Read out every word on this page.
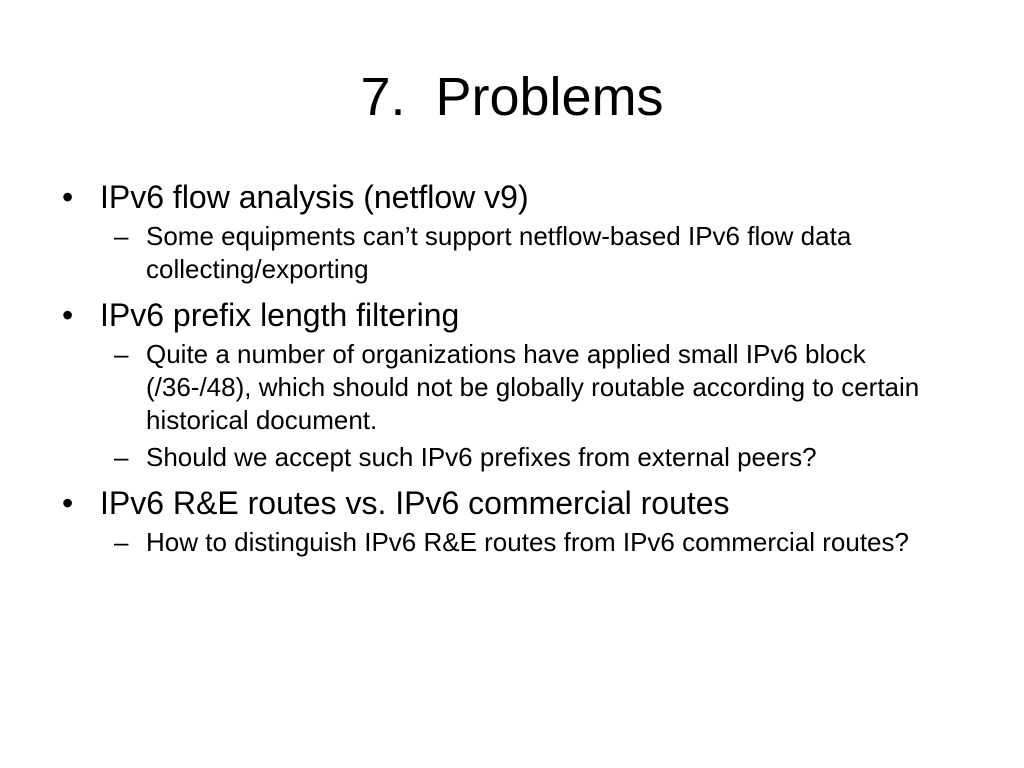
7.  Problems
• IPv6 flow analysis (netflow v9)
– Some equipments can’t support netflow-based IPv6 flow data collecting/exporting
• IPv6 prefix length filtering
– Quite a number of organizations have applied small IPv6 block (/36-/48), which should not be globally routable according to certain historical document.
– Should we accept such IPv6 prefixes from external peers?
• IPv6 R&E routes vs. IPv6 commercial routes
– How to distinguish IPv6 R&E routes from IPv6 commercial routes?
